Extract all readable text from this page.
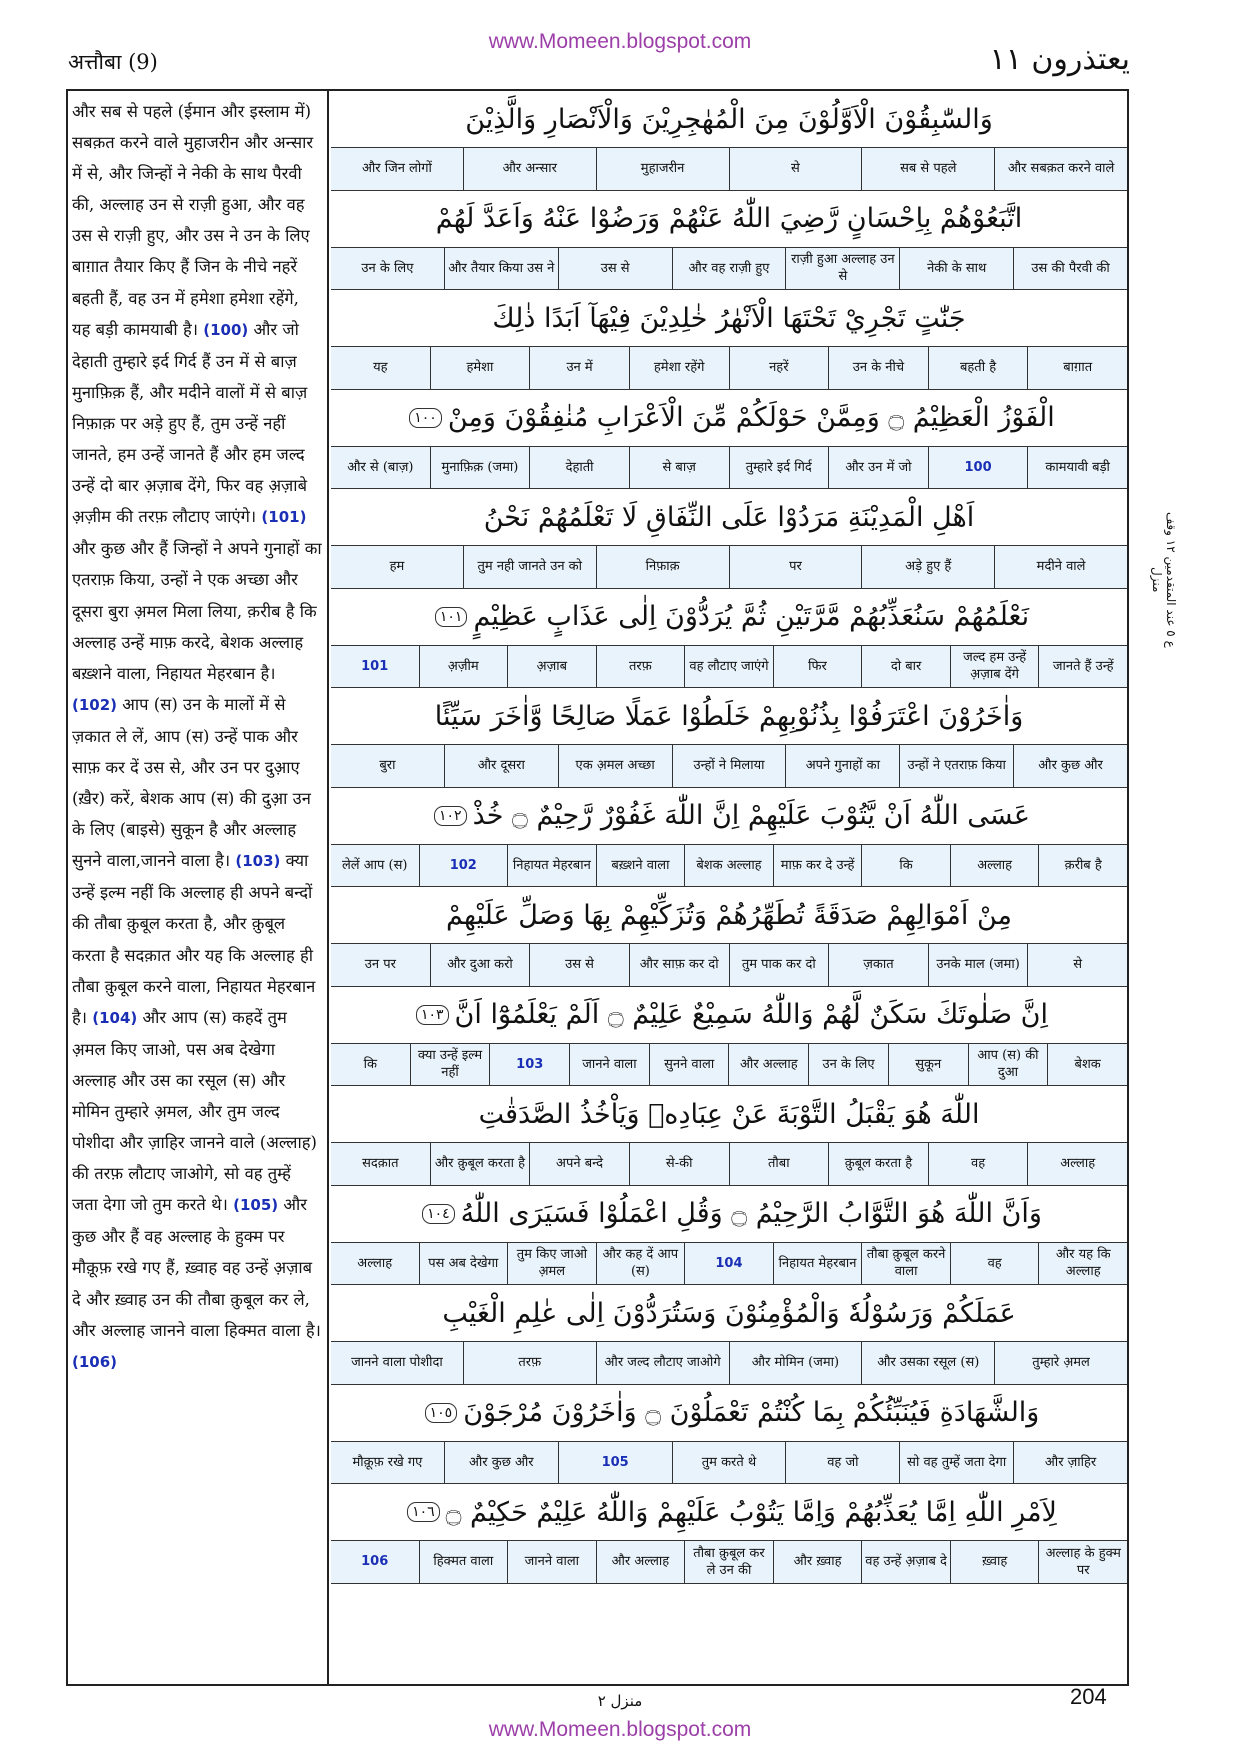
www.Momeen.blogspot.com
अत्तौबा (9)	يعتذرون ١١
और सब से पहले (ईमान और इस्लाम में) सबक़त करने वाले मुहाजरीन और अन्सार में से, और जिन्हों ने नेकी के साथ पैरवी की, अल्लाह उन से राज़ी हुआ, और वह उस से राज़ी हुए, और उस ने उन के लिए बाग़ात तैयार किए हैं जिन के नीचे नहरें बहती हैं, वह उन में हमेशा हमेशा रहेंगे, यह बड़ी कामयाबी है। (100) और जो देहाती तुम्हारे इर्द गिर्द हैं उन में से बाज़ मुनाफ़िक़ हैं, और मदीने वालों में से बाज़ निफ़ाक़ पर अड़े हुए हैं, तुम उन्हें नहीं जानते, हम उन्हें जानते हैं और हम जल्द उन्हें दो बार अ़ज़ाब देंगे, फिर वह अ़ज़ाबे अ़ज़ीम की तरफ़ लौटाए जाएंगे। (101) और कुछ और हैं जिन्हों ने अपने गुनाहों का एतराफ़ किया, उन्हों ने एक अच्छा और दूसरा बुरा अ़मल मिला लिया, क़रीब है कि अल्लाह उन्हें माफ़ करदे, बेशक अल्लाह बख़्शने वाला, निहायत मेहरबान है। (102) आप (स) उन के मालों में से ज़कात ले लें, आप (स) उन्हें पाक और साफ़ कर दें उस से, और उन पर दुआ़ए (ख़ैर) करें, बेशक आप (स) की दुआ़ उन के लिए (बाइसे) सुकून है और अल्लाह सुनने वाला,जानने वाला है। (103) क्या उन्हें इल्म नहीं कि अल्लाह ही अपने बन्दों की तौबा क़ुबूल करता है, और क़ुबूल करता है सदक़ात और यह कि अल्लाह ही तौबा क़ुबूल करने वाला, निहायत मेहरबान है। (104) और आप (स) कहदें तुम अ़मल किए जाओ, पस अब देखेगा अल्लाह और उस का रसूल (स) और मोमिन तुम्हारे अ़मल, और तुम जल्द पोशीदा और ज़ाहिर जानने वाले (अल्लाह) की तरफ़ लौटाए जाओगे, सो वह तुम्हें जता देगा जो तुम करते थे। (105) और कुछ और हैं वह अल्लाह के हुक्म पर मौक़ूफ़ रखे गए हैं, ख़्वाह वह उन्हें अ़ज़ाब दे और ख़्वाह उन की तौबा क़ुबूल कर ले, और अल्लाह जानने वाला हिक्मत वाला है। (106)
وَالسّٰبِقُوْنَ الْاَوَّلُوْنَ مِنَ الْمُهٰجِرِيْنَ وَالْاَنْصَارِ وَالَّذِيْنَ
और सबक़त करने वाले
सब से पहले
से
मुहाजरीन
और अन्सार
और जिन लोगों
اتَّبَعُوْهُمْ بِاِحْسَانٍ رَّضِيَ اللّٰهُ عَنْهُمْ وَرَضُوْا عَنْهُ وَاَعَدَّ لَهُمْ
उस की पैरवी की
नेकी के साथ
राज़ी हुआ अल्लाह उन से
और वह राज़ी हुए
उस से
और तैयार किया उस ने
उन के लिए
جَنّٰتٍ تَجْرِيْ تَحْتَهَا الْاَنْهٰرُ خٰلِدِيْنَ فِيْهَآ اَبَدًا ذٰلِكَ
बाग़ात
बहती है
उन के नीचे
नहरें
हमेशा रहेंगे
उन में
हमेशा
यह
الْفَوْزُ الْعَظِيْمُ ۝ وَمِمَّنْ حَوْلَكُمْ مِّنَ الْاَعْرَابِ مُنٰفِقُوْنَ وَمِنْ
١٠٠
कामयावी बड़ी
100
और उन में जो
तुम्हारे इर्द गिर्द
से बाज़
देहाती
मुनाफ़िक़ (जमा)
और से (बाज़)
اَهْلِ الْمَدِيْنَةِ مَرَدُوْا عَلَى النِّفَاقِ لَا تَعْلَمُهُمْ نَحْنُ
मदीने वाले
अड़े हुए हैं
पर
निफ़ाक़
तुम नही जानते उन को
हम
نَعْلَمُهُمْ سَنُعَذِّبُهُمْ مَّرَّتَيْنِ ثُمَّ يُرَدُّوْنَ اِلٰى عَذَابٍ عَظِيْمٍ
١٠١
जानते हैं उन्हें
जल्द हम उन्हें अ़ज़ाब देंगे
दो बार
फिर
वह लौटाए जाएंगे
तरफ़
अ़ज़ाब
अ़ज़ीम
101
وَاٰخَرُوْنَ اعْتَرَفُوْا بِذُنُوْبِهِمْ خَلَطُوْا عَمَلًا صَالِحًا وَّاٰخَرَ سَيِّئًا
और कुछ और
उन्हों ने एतराफ़ किया
अपने गुनाहों का
उन्हों ने मिलाया
एक अ़मल अच्छा
और दूसरा
बुरा
عَسَى اللّٰهُ اَنْ يَّتُوْبَ عَلَيْهِمْ اِنَّ اللّٰهَ غَفُوْرٌ رَّحِيْمٌ ۝ خُذْ
١٠٢
क़रीब है
अल्लाह
कि
माफ़ कर दे उन्हें
बेशक अल्लाह
बख़्शने वाला
निहायत मेहरबान
102
लेलें आप (स)
مِنْ اَمْوَالِهِمْ صَدَقَةً تُطَهِّرُهُمْ وَتُزَكِّيْهِمْ بِهَا وَصَلِّ عَلَيْهِمْ
से
उनके माल (जमा)
ज़कात
तुम पाक कर दो
और साफ़ कर दो
उस से
और दुआ करो
उन पर
اِنَّ صَلٰوتَكَ سَكَنٌ لَّهُمْ وَاللّٰهُ سَمِيْعٌ عَلِيْمٌ ۝ اَلَمْ يَعْلَمُوْٓا اَنَّ
١٠٣
बेशक
आप (स) की दुआ
सुकून
उन के लिए
और अल्लाह
सुनने वाला
जानने वाला
103
क्या उन्हें इल्म नहीं
कि
اللّٰهَ هُوَ يَقْبَلُ التَّوْبَةَ عَنْ عِبَادِهٖ وَيَاْخُذُ الصَّدَقٰتِ
अल्लाह
वह
क़ुबूल करता है
तौबा
से-की
अपने बन्दे
और क़ुबूल करता है
सदक़ात
وَاَنَّ اللّٰهَ هُوَ التَّوَّابُ الرَّحِيْمُ ۝ وَقُلِ اعْمَلُوْا فَسَيَرَى اللّٰهُ
١٠٤
और यह कि अल्लाह
वह
तौबा क़ुबूल करने वाला
निहायत मेहरबान
104
और कह दें आप (स)
तुम किए जाओ अ़मल
पस अब देखेगा
अल्लाह
عَمَلَكُمْ وَرَسُوْلُهٗ وَالْمُؤْمِنُوْنَ وَسَتُرَدُّوْنَ اِلٰى عٰلِمِ الْغَيْبِ
तुम्हारे अ़मल
और उसका रसूल (स)
और मोमिन (जमा)
और जल्द लौटाए जाओगे
तरफ़
जानने वाला पोशीदा
وَالشَّهَادَةِ فَيُنَبِّئُكُمْ بِمَا كُنْتُمْ تَعْمَلُوْنَ ۝ وَاٰخَرُوْنَ مُرْجَوْنَ
١٠٥
और ज़ाहिर
सो वह तुम्हें जता देगा
वह जो
तुम करते थे
105
और कुछ और
मौक़ूफ़ रखे गए
لِاَمْرِ اللّٰهِ اِمَّا يُعَذِّبُهُمْ وَاِمَّا يَتُوْبُ عَلَيْهِمْ وَاللّٰهُ عَلِيْمٌ حَكِيْمٌ ۝
١٠٦
अल्लाह के हुक्म पर
ख़्वाह
वह उन्हें अ़ज़ाब दे
और ख़्वाह
तौबा क़ुबूल कर ले उन की
और अल्लाह
जानने वाला
हिक्मत वाला
106
ع ٥ عند المتقدمين ١٢ وقف منزل
منزل ٢	204
www.Momeen.blogspot.com
